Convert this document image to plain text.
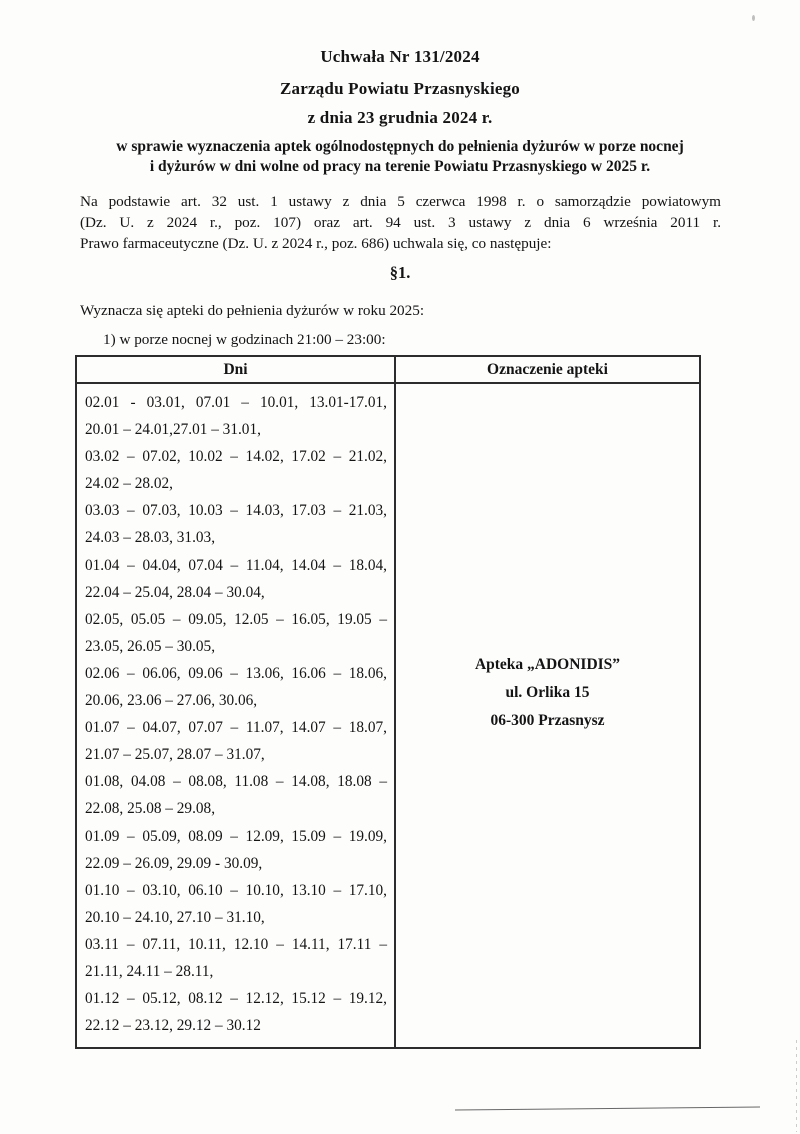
Uchwała Nr 131/2024
Zarządu Powiatu Przasnyskiego
z dnia 23 grudnia 2024 r.
w sprawie wyznaczenia aptek ogólnodostępnych do pełnienia dyżurów w porze nocnej
i dyżurów w dni wolne od pracy na terenie Powiatu Przasnyskiego w 2025 r.
Na podstawie art. 32 ust. 1 ustawy z dnia 5 czerwca 1998 r. o samorządzie powiatowym
(Dz. U. z 2024 r., poz. 107) oraz art. 94 ust. 3 ustawy z dnia 6 września 2011 r.
Prawo farmaceutyczne (Dz. U. z 2024 r., poz. 686) uchwala się, co następuje:
§1.
Wyznacza się apteki do pełnienia dyżurów w roku 2025:
1) w porze nocnej w godzinach 21:00 – 23:00:
Dni	Oznaczenie apteki
02.01 - 03.01, 07.01 – 10.01, 13.01-17.01,
20.01 – 24.01,27.01 – 31.01,
03.02 – 07.02, 10.02 – 14.02, 17.02 – 21.02,
24.02 – 28.02,
03.03 – 07.03, 10.03 – 14.03, 17.03 – 21.03,
24.03 – 28.03, 31.03,
01.04 – 04.04, 07.04 – 11.04, 14.04 – 18.04,
22.04 – 25.04, 28.04 – 30.04,
02.05, 05.05 – 09.05, 12.05 – 16.05, 19.05 –
23.05, 26.05 – 30.05,
02.06 – 06.06, 09.06 – 13.06, 16.06 – 18.06,
20.06, 23.06 – 27.06, 30.06,
01.07 – 04.07, 07.07 – 11.07, 14.07 – 18.07,
21.07 – 25.07, 28.07 – 31.07,
01.08, 04.08 – 08.08, 11.08 – 14.08, 18.08 –
22.08, 25.08 – 29.08,
01.09 – 05.09, 08.09 – 12.09, 15.09 – 19.09,
22.09 – 26.09, 29.09 - 30.09,
01.10 – 03.10, 06.10 – 10.10, 13.10 – 17.10,
20.10 – 24.10, 27.10 – 31.10,
03.11 – 07.11, 10.11, 12.10 – 14.11, 17.11 –
21.11, 24.11 – 28.11,
01.12 – 05.12, 08.12 – 12.12, 15.12 – 19.12,
22.12 – 23.12, 29.12 – 30.12
Apteka „ADONIDIS”
ul. Orlika 15
06-300 Przasnysz
